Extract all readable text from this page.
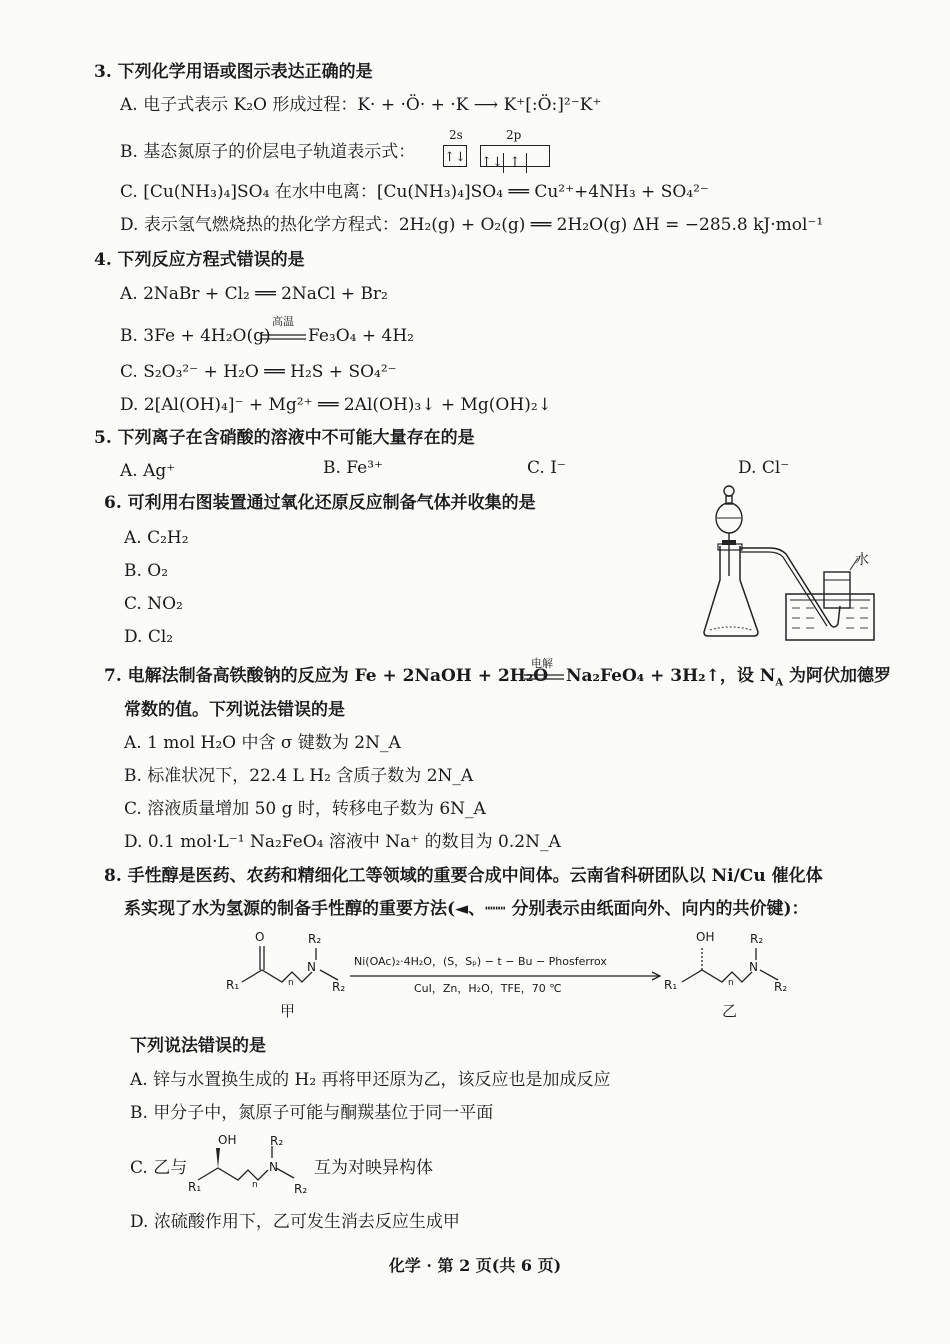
3. 下列化学用语或图示表达正确的是
A. 电子式表示 K₂O 形成过程：K· + ·Ö· + ·K ⟶ K⁺[:Ö:]²⁻K⁺
B. 基态氮原子的价层电子轨道表示式：
2s	2p
↑↓ ↑↓ ↑
C. [Cu(NH₃)₄]SO₄ 在水中电离：[Cu(NH₃)₄]SO₄ ══ Cu²⁺+4NH₃ + SO₄²⁻
D. 表示氢气燃烧热的热化学方程式：2H₂(g) + O₂(g) ══ 2H₂O(g) ΔH = −285.8 kJ·mol⁻¹
4. 下列反应方程式错误的是
A. 2NaBr + Cl₂ ══ 2NaCl + Br₂
B. 3Fe + 4H₂O(g)
高温
Fe₃O₄ + 4H₂
C. S₂O₃²⁻ + H₂O ══ H₂S + SO₄²⁻
D. 2[Al(OH)₄]⁻ + Mg²⁺ ══ 2Al(OH)₃↓ + Mg(OH)₂↓
5. 下列离子在含硝酸的溶液中不可能大量存在的是
A. Ag⁺	B. Fe³⁺	C. I⁻	D. Cl⁻
6. 可利用右图装置通过氧化还原反应制备气体并收集的是
A. C₂H₂
B. O₂
C. NO₂
D. Cl₂
水
7. 电解法制备高铁酸钠的反应为 Fe + 2NaOH + 2H₂O
电解
Na₂FeO₄ + 3H₂↑，设 $N_A$ 为阿伏加德罗
常数的值。下列说法错误的是
A. 1 mol H₂O 中含 σ 键数为 2N_A
B. 标准状况下，22.4 L H₂ 含质子数为 2N_A
C. 溶液质量增加 50 g 时，转移电子数为 6N_A
D. 0.1 mol·L⁻¹ Na₂FeO₄ 溶液中 Na⁺ 的数目为 0.2N_A
8. 手性醇是医药、农药和精细化工等领域的重要合成中间体。云南省科研团队以 Ni/Cu 催化体
系实现了水为氢源的制备手性醇的重要方法(◄、┉┉ 分别表示由纸面向外、向内的共价键)：
O	R₂
N
R₁	R₂
n
Ni(OAc)₂·4H₂O，(S，Sₚ) − t − Bu − Phosferrox
CuI，Zn，H₂O，TFE，70 ℃
OH	R₂
N
R₁	R₂
n
甲	乙
下列说法错误的是
A. 锌与水置换生成的 H₂ 再将甲还原为乙，该反应也是加成反应
B. 甲分子中，氮原子可能与酮羰基位于同一平面
C. 乙与
OH	R₂
N
R₁	R₂
n
互为对映异构体
D. 浓硫酸作用下，乙可发生消去反应生成甲
化学 · 第 2 页(共 6 页)
